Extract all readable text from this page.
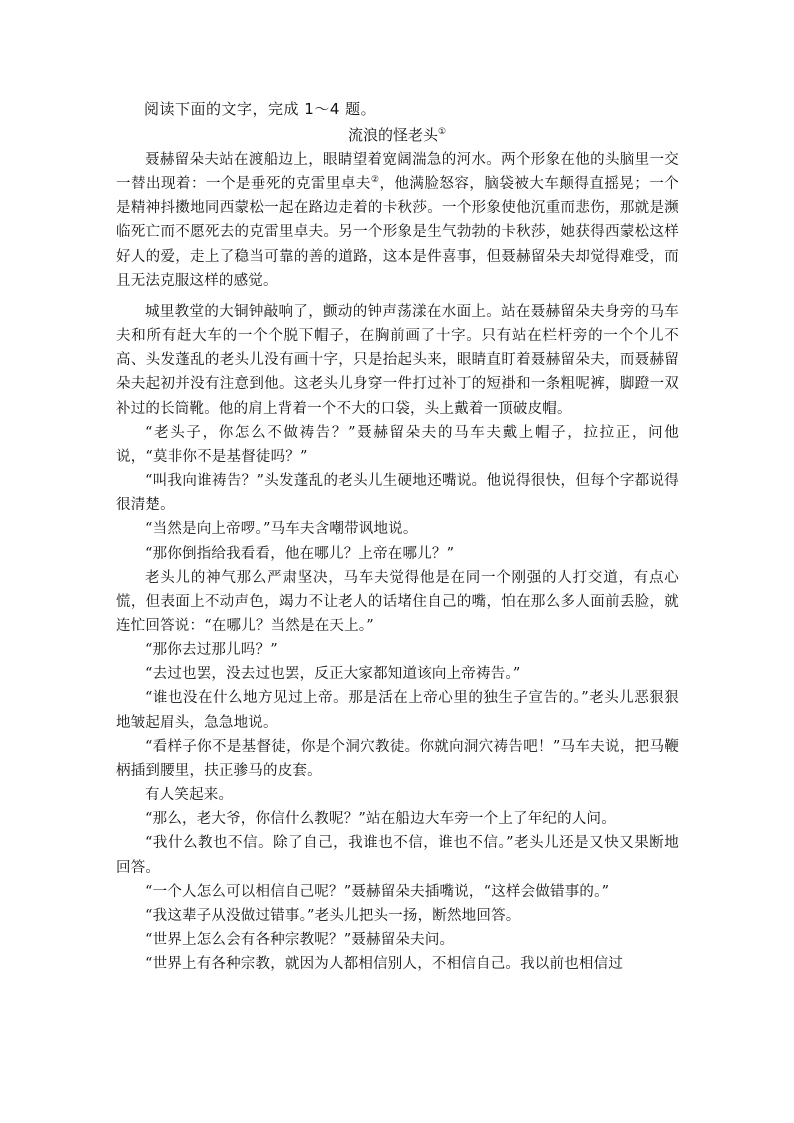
阅读下面的文字，完成 1～4 题。
流浪的怪老头①

聂赫留朵夫站在渡船边上，眼睛望着宽阔湍急的河水。两个形象在他的头脑里一交一替出现着：一个是垂死的克雷里卓夫②，他满脸怒容，脑袋被大车颠得直摇晃；一个是精神抖擞地同西蒙松一起在路边走着的卡秋莎。一个形象使他沉重而悲伤，那就是濒临死亡而不愿死去的克雷里卓夫。另一个形象是生气勃勃的卡秋莎，她获得西蒙松这样好人的爱，走上了稳当可靠的善的道路，这本是件喜事，但聂赫留朵夫却觉得难受，而且无法克服这样的感觉。

城里教堂的大铜钟敲响了，颤动的钟声荡漾在水面上。站在聂赫留朵夫身旁的马车夫和所有赶大车的一个个脱下帽子，在胸前画了十字。只有站在栏杆旁的一个个儿不高、头发蓬乱的老头儿没有画十字，只是抬起头来，眼睛直盯着聂赫留朵夫，而聂赫留朵夫起初并没有注意到他。这老头儿身穿一件打过补丁的短褂和一条粗呢裤，脚蹬一双补过的长筒靴。他的肩上背着一个不大的口袋，头上戴着一顶破皮帽。

“老头子，你怎么不做祷告？”聂赫留朵夫的马车夫戴上帽子，拉拉正，问他说，“莫非你不是基督徒吗？”

“叫我向谁祷告？”头发蓬乱的老头儿生硬地还嘴说。他说得很快，但每个字都说得很清楚。

“当然是向上帝啰。”马车夫含嘲带讽地说。

“那你倒指给我看看，他在哪儿？上帝在哪儿？”

老头儿的神气那么严肃坚决，马车夫觉得他是在同一个刚强的人打交道，有点心慌，但表面上不动声色，竭力不让老人的话堵住自己的嘴，怕在那么多人面前丢脸，就连忙回答说：“在哪儿？当然是在天上。”

“那你去过那儿吗？”

“去过也罢，没去过也罢，反正大家都知道该向上帝祷告。”

“谁也没在什么地方见过上帝。那是活在上帝心里的独生子宣告的。”老头儿恶狠狠地皱起眉头，急急地说。

“看样子你不是基督徒，你是个洞穴教徒。你就向洞穴祷告吧！”马车夫说，把马鞭柄插到腰里，扶正骖马的皮套。

有人笑起来。

“那么，老大爷，你信什么教呢？”站在船边大车旁一个上了年纪的人问。

“我什么教也不信。除了自己，我谁也不信，谁也不信。”老头儿还是又快又果断地回答。

“一个人怎么可以相信自己呢？”聂赫留朵夫插嘴说，“这样会做错事的。”

“我这辈子从没做过错事。”老头儿把头一扬，断然地回答。

“世界上怎么会有各种宗教呢？”聂赫留朵夫问。

“世界上有各种宗教，就因为人都相信别人，不相信自己。我以前也相信过
